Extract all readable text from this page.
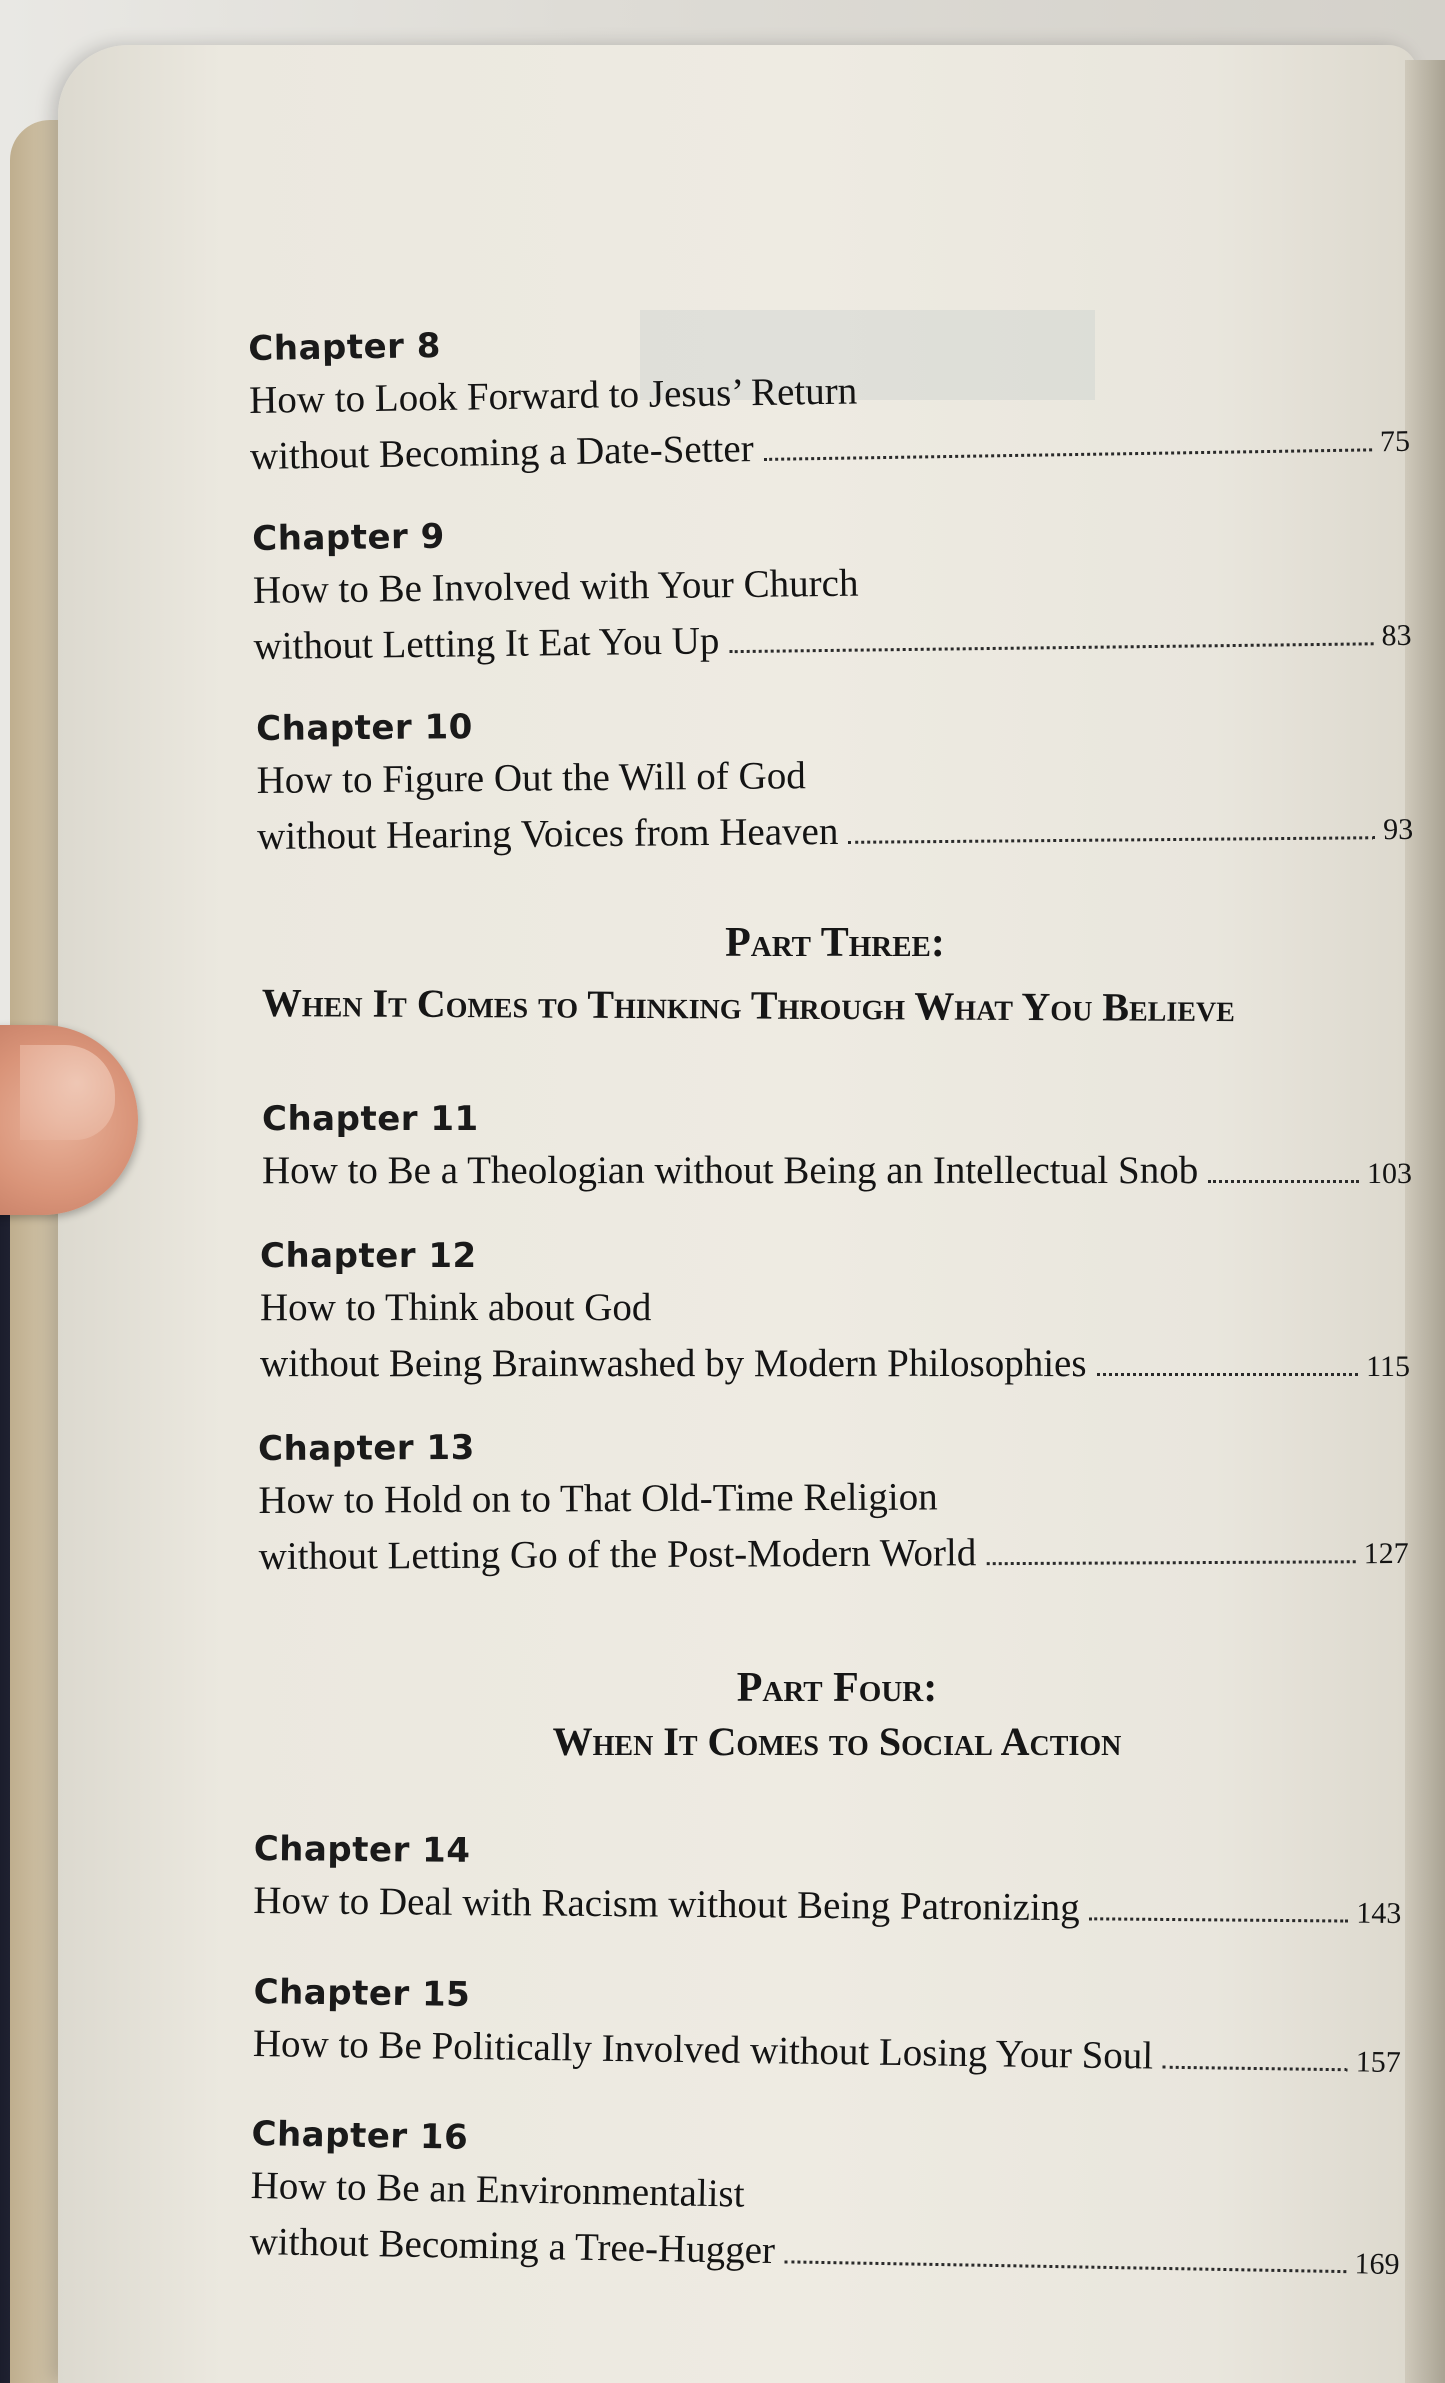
Chapter 8
How to Look Forward to Jesus’ Return
without Becoming a Date-Setter	75
Chapter 9
How to Be Involved with Your Church
without Letting It Eat You Up	83
Chapter 10
How to Figure Out the Will of God
without Hearing Voices from Heaven	93
Part Three:
When It Comes to Thinking Through What You Believe
Chapter 11
How to Be a Theologian without Being an Intellectual Snob	103
Chapter 12
How to Think about God
without Being Brainwashed by Modern Philosophies	115
Chapter 13
How to Hold on to That Old-Time Religion
without Letting Go of the Post-Modern World	127
Part Four:
When It Comes to Social Action
Chapter 14
How to Deal with Racism without Being Patronizing	143
Chapter 15
How to Be Politically Involved without Losing Your Soul	157
Chapter 16
How to Be an Environmentalist
without Becoming a Tree-Hugger	169
